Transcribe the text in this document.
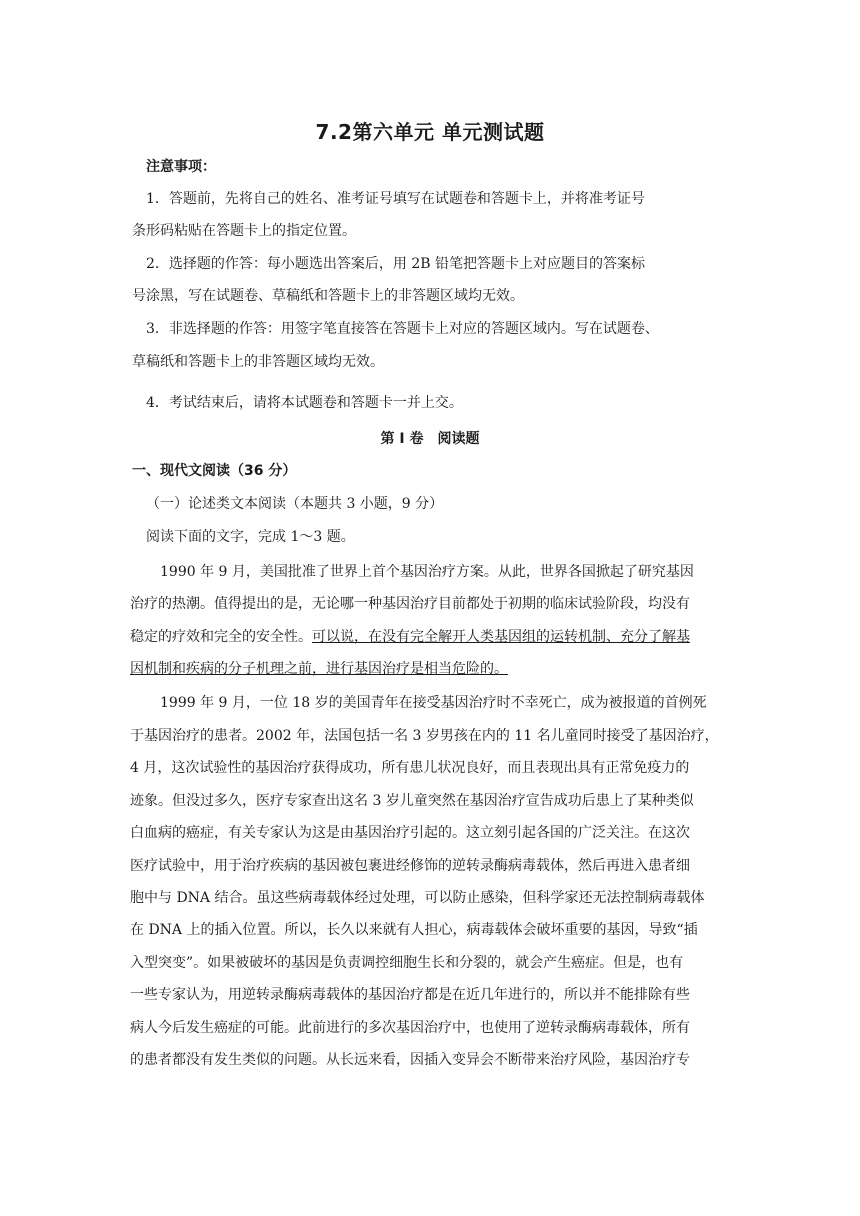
7.2第六单元 单元测试题
注意事项：
1．答题前，先将自己的姓名、准考证号填写在试题卷和答题卡上，并将准考证号
条形码粘贴在答题卡上的指定位置。
2．选择题的作答：每小题选出答案后，用 2B 铅笔把答题卡上对应题目的答案标
号涂黑，写在试题卷、草稿纸和答题卡上的非答题区域均无效。
3．非选择题的作答：用签字笔直接答在答题卡上对应的答题区域内。写在试题卷、
草稿纸和答题卡上的非答题区域均无效。
4．考试结束后，请将本试题卷和答题卡一并上交。
第 I 卷　阅读题
一、现代文阅读（36 分）
（一）论述类文本阅读（本题共 3 小题，9 分）
阅读下面的文字，完成 1～3 题。
1990 年 9 月，美国批准了世界上首个基因治疗方案。从此，世界各国掀起了研究基因
治疗的热潮。值得提出的是，无论哪一种基因治疗目前都处于初期的临床试验阶段，均没有
稳定的疗效和完全的安全性。可以说，在没有完全解开人类基因组的运转机制、充分了解基
因机制和疾病的分子机理之前，进行基因治疗是相当危险的。
1999 年 9 月，一位 18 岁的美国青年在接受基因治疗时不幸死亡，成为被报道的首例死
于基因治疗的患者。2002 年，法国包括一名 3 岁男孩在内的 11 名儿童同时接受了基因治疗，
4 月，这次试验性的基因治疗获得成功，所有患儿状况良好，而且表现出具有正常免疫力的
迹象。但没过多久，医疗专家查出这名 3 岁儿童突然在基因治疗宣告成功后患上了某种类似
白血病的癌症，有关专家认为这是由基因治疗引起的。这立刻引起各国的广泛关注。在这次
医疗试验中，用于治疗疾病的基因被包裹进经修饰的逆转录酶病毒载体，然后再进入患者细
胞中与 DNA 结合。虽这些病毒载体经过处理，可以防止感染，但科学家还无法控制病毒载体
在 DNA 上的插入位置。所以，长久以来就有人担心，病毒载体会破坏重要的基因，导致“插
入型突变”。如果被破坏的基因是负责调控细胞生长和分裂的，就会产生癌症。但是，也有
一些专家认为，用逆转录酶病毒载体的基因治疗都是在近几年进行的，所以并不能排除有些
病人今后发生癌症的可能。此前进行的多次基因治疗中，也使用了逆转录酶病毒载体，所有
的患者都没有发生类似的问题。从长远来看，因插入变异会不断带来治疗风险，基因治疗专
